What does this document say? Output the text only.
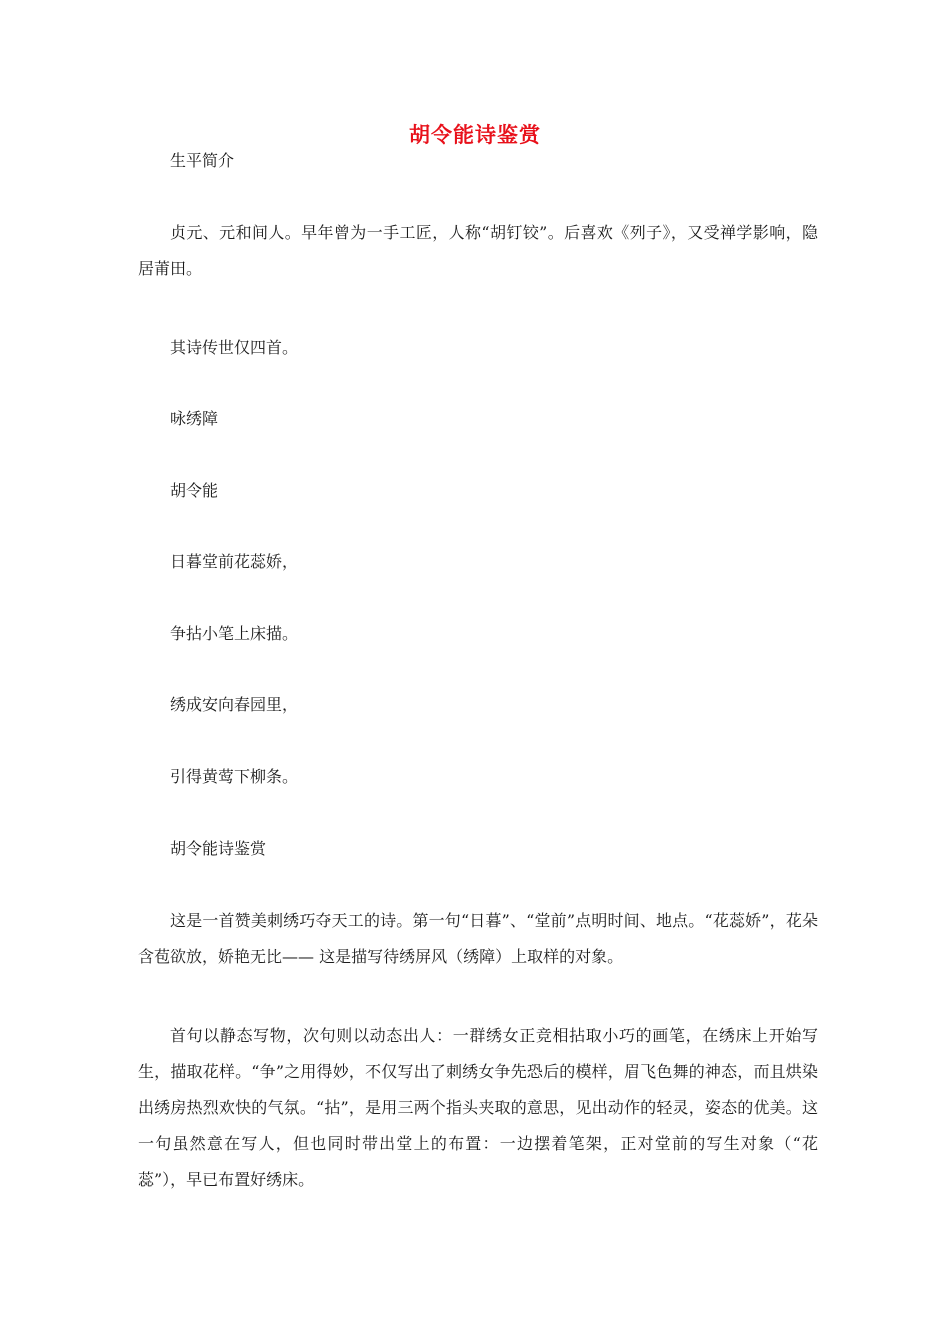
胡令能诗鉴赏

生平简介

贞元、元和间人。早年曾为一手工匠，人称“胡钉铰”。后喜欢《列子》，又受禅学影响，隐居莆田。

其诗传世仅四首。

咏绣障

胡令能

日暮堂前花蕊娇，

争拈小笔上床描。

绣成安向春园里，

引得黄莺下柳条。

胡令能诗鉴赏

这是一首赞美刺绣巧夺天工的诗。第一句“日暮”、“堂前”点明时间、地点。“花蕊娇”，花朵含苞欲放，娇艳无比—— 这是描写待绣屏风（绣障）上取样的对象。

首句以静态写物，次句则以动态出人：一群绣女正竞相拈取小巧的画笔，在绣床上开始写生，描取花样。“争”之用得妙，不仅写出了刺绣女争先恐后的模样，眉飞色舞的神态，而且烘染出绣房热烈欢快的气氛。“拈”，是用三两个指头夹取的意思，见出动作的轻灵，姿态的优美。这一句虽然意在写人，但也同时带出堂上的布置：一边摆着笔架，正对堂前的写生对象（“花蕊”），早已布置好绣床。
